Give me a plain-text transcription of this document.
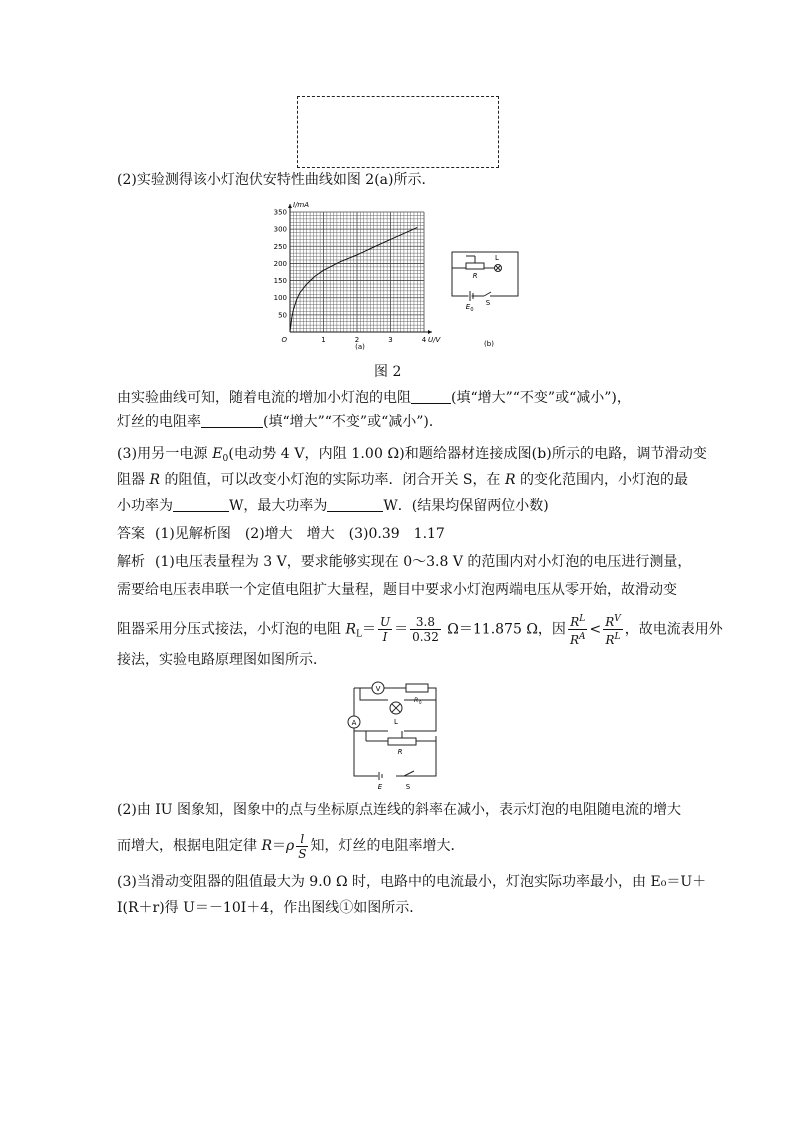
(2)实验测得该小灯泡伏安特性曲线如图 2(a)所示．
1	2	3	4
50
100
150
200
250
300
350
O	U/V
I/mA
(a)
R
L
E 0
S
(b)
图 2
由实验曲线可知，随着电流的增加小灯泡的电阻	(填“增大”“不变”或“减小”)，
灯丝的电阻率	(填“增大”“不变”或“减小”)．
(3)用另一电源 $E_0$(电动势 4 V，内阻 1.00 Ω)和题给器材连接成图(b)所示的电路，调节滑动变
阻器 R 的阻值，可以改变小灯泡的实际功率．闭合开关 S，在 R 的变化范围内，小灯泡的最
小功率为	W，最大功率为	W．(结果均保留两位小数)
答案 (1)见解析图　(2)增大　增大　(3)0.39　1.17
解析 (1)电压表量程为 3 V，要求能够实现在 0～3.8 V 的范围内对小灯泡的电压进行测量，
需要给电压表串联一个定值电阻扩大量程，题目中要求小灯泡两端电压从零开始，故滑动变
阻器采用分压式接法，小灯泡的电阻 $R_L= \frac{U}{I} = \frac{3.8}{0.32} \Omega=11.875$ Ω，因 $\frac{R^L}{R^A} < \frac{R^V}{R^L}$ ，故电流表用外
接法，实验电路原理图如图所示．
V
A
R 0
L
R
E	S
(2)由 IU 图象知，图象中的点与坐标原点连线的斜率在减小，表示灯泡的电阻随电流的增大
而增大，根据电阻定律 $R=\rho \frac{l}{S}$ 知，灯丝的电阻率增大．
(3)当滑动变阻器的阻值最大为 9.0 Ω 时，电路中的电流最小，灯泡实际功率最小，由 E₀＝U＋
I(R＋r)得 U＝－10I＋4，作出图线①如图所示．
